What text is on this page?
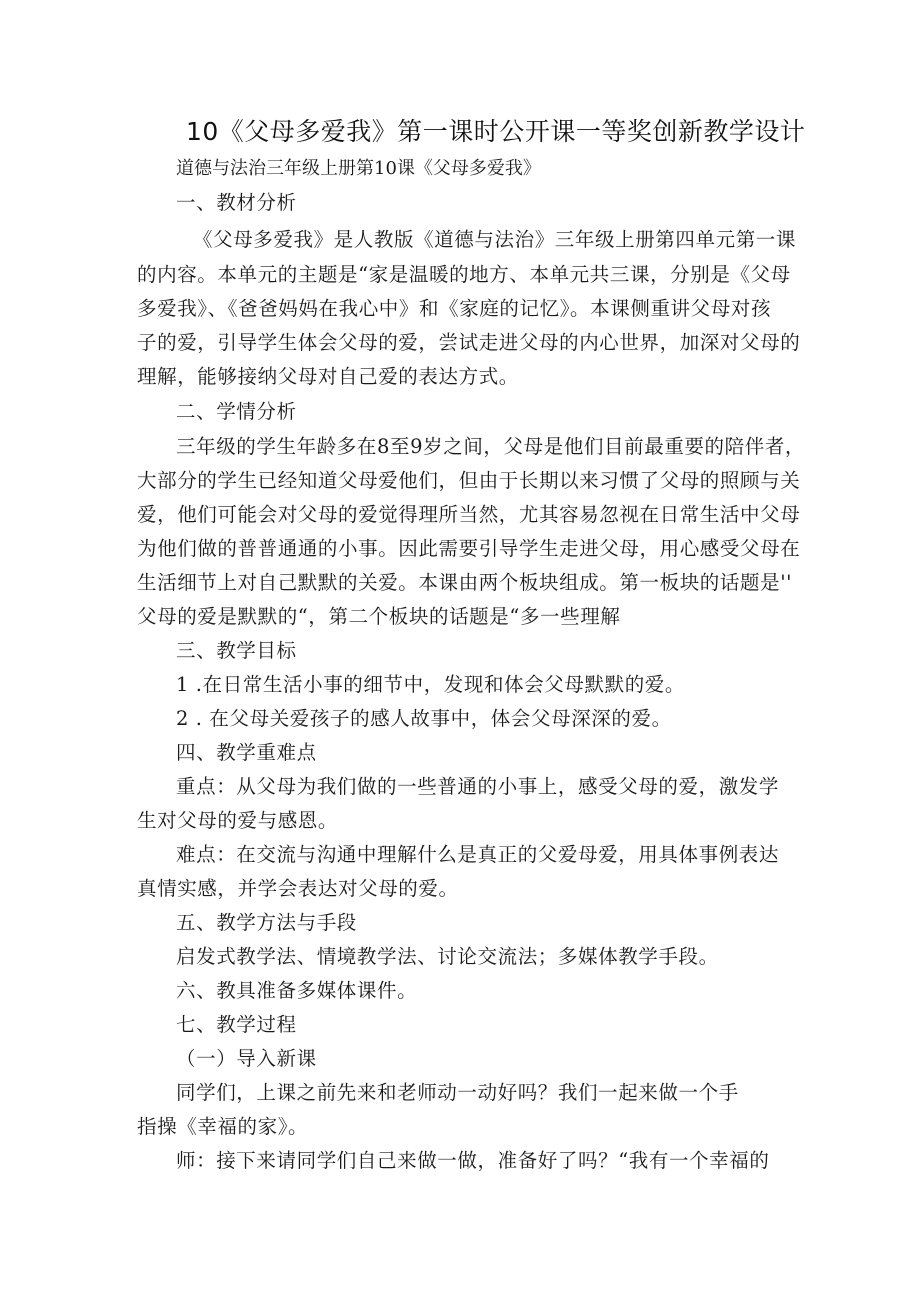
10《父母多爱我》第一课时公开课一等奖创新教学设计
道德与法治三年级上册第10课《父母多爱我》
一、教材分析
《父母多爱我》是人教版《道德与法治》三年级上册第四单元第一课
的内容。本单元的主题是“家是温暖的地方、本单元共三课，分别是《父母
多爱我》、《爸爸妈妈在我心中》和《家庭的记忆》。本课侧重讲父母对孩
子的爱，引导学生体会父母的爱，尝试走进父母的内心世界，加深对父母的
理解，能够接纳父母对自己爱的表达方式。
二、学情分析
三年级的学生年龄多在8至9岁之间，父母是他们目前最重要的陪伴者，
大部分的学生已经知道父母爱他们，但由于长期以来习惯了父母的照顾与关
爱，他们可能会对父母的爱觉得理所当然，尤其容易忽视在日常生活中父母
为他们做的普普通通的小事。因此需要引导学生走进父母，用心感受父母在
生活细节上对自己默默的关爱。本课由两个板块组成。第一板块的话题是''
父母的爱是默默的“，第二个板块的话题是“多一些理解
三、教学目标
1 .在日常生活小事的细节中，发现和体会父母默默的爱。
2 . 在父母关爱孩子的感人故事中，体会父母深深的爱。
四、教学重难点
重点：从父母为我们做的一些普通的小事上，感受父母的爱，激发学
生对父母的爱与感恩。
难点：在交流与沟通中理解什么是真正的父爱母爱，用具体事例表达
真情实感，并学会表达对父母的爱。
五、教学方法与手段
启发式教学法、情境教学法、讨论交流法；多媒体教学手段。
六、教具准备多媒体课件。
七、教学过程
（一）导入新课
同学们，上课之前先来和老师动一动好吗？我们一起来做一个手
指操《幸福的家》。
师：接下来请同学们自己来做一做，准备好了吗？“我有一个幸福的
